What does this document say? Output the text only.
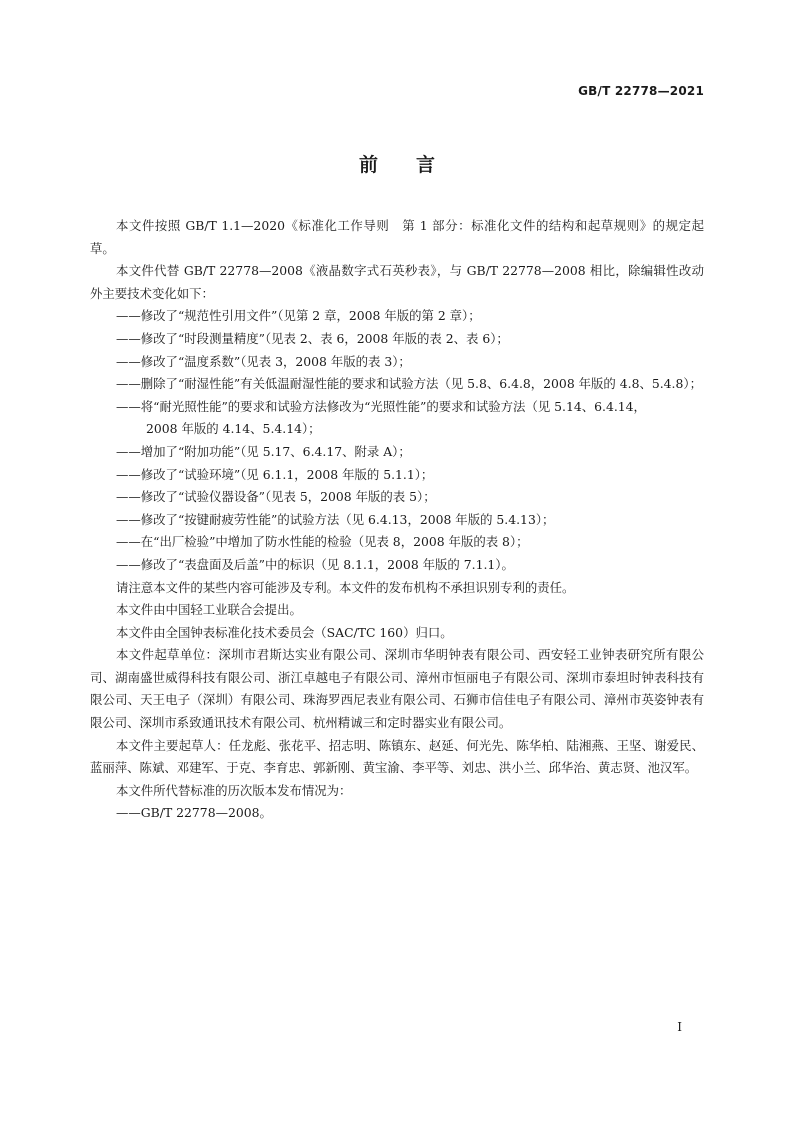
GB/T 22778—2021
前言

本文件按照 GB/T 1.1—2020《标准化工作导则　第 1 部分：标准化文件的结构和起草规则》的规定起草。

本文件代替 GB/T 22778—2008《液晶数字式石英秒表》，与 GB/T 22778—2008 相比，除编辑性改动外主要技术变化如下：

——修改了“规范性引用文件”（见第 2 章，2008 年版的第 2 章）；

——修改了“时段测量精度”（见表 2、表 6，2008 年版的表 2、表 6）；

——修改了“温度系数”（见表 3，2008 年版的表 3）；

——删除了“耐湿性能”有关低温耐湿性能的要求和试验方法（见 5.8、6.4.8，2008 年版的 4.8、5.4.8）；

——将“耐光照性能”的要求和试验方法修改为“光照性能”的要求和试验方法（见 5.14、6.4.14，
2008 年版的 4.14、5.4.14）；

——增加了“附加功能”（见 5.17、6.4.17、附录 A）；

——修改了“试验环境”（见 6.1.1，2008 年版的 5.1.1）；

——修改了“试验仪器设备”（见表 5，2008 年版的表 5）；

——修改了“按键耐疲劳性能”的试验方法（见 6.4.13，2008 年版的 5.4.13）；

——在“出厂检验”中增加了防水性能的检验（见表 8，2008 年版的表 8）；

——修改了“表盘面及后盖”中的标识（见 8.1.1，2008 年版的 7.1.1）。

请注意本文件的某些内容可能涉及专利。本文件的发布机构不承担识别专利的责任。

本文件由中国轻工业联合会提出。

本文件由全国钟表标准化技术委员会（SAC/TC 160）归口。

本文件起草单位：深圳市君斯达实业有限公司、深圳市华明钟表有限公司、西安轻工业钟表研究所有限公司、湖南盛世威得科技有限公司、浙江卓越电子有限公司、漳州市恒丽电子有限公司、深圳市泰坦时钟表科技有限公司、天王电子（深圳）有限公司、珠海罗西尼表业有限公司、石狮市信佳电子有限公司、漳州市英姿钟表有限公司、深圳市系致通讯技术有限公司、杭州精诚三和定时器实业有限公司。

本文件主要起草人：任龙彪、张花平、招志明、陈镇东、赵延、何光先、陈华柏、陆湘燕、王坚、谢爱民、蓝丽萍、陈斌、邓建军、于克、李育忠、郭新刚、黄宝渝、李平等、刘忠、洪小兰、邱华治、黄志贤、池汉军。

本文件所代替标准的历次版本发布情况为：

——GB/T 22778—2008。

I
